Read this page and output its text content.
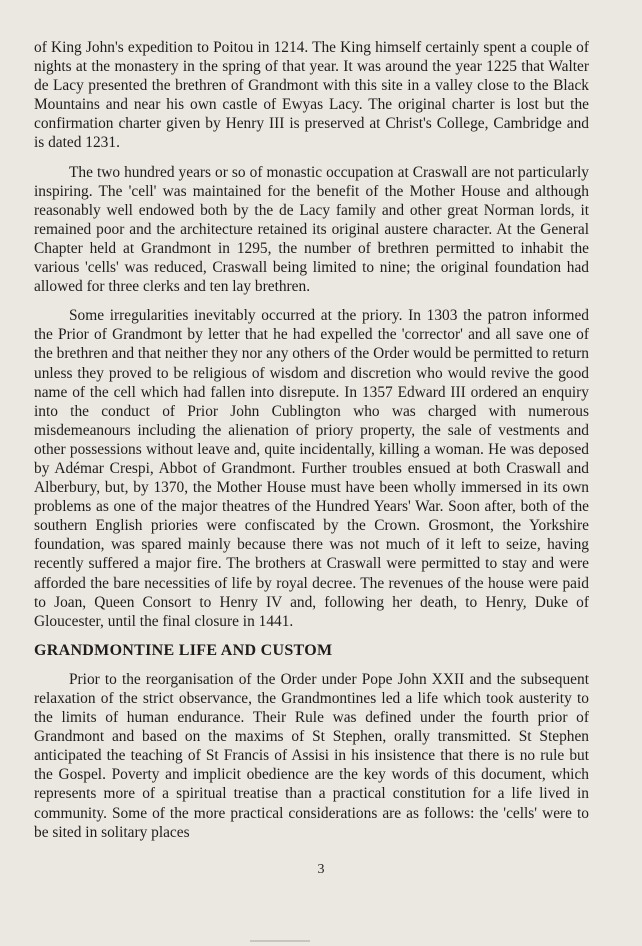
of King John's expedition to Poitou in 1214. The King himself certainly spent a couple of nights at the monastery in the spring of that year. It was around the year 1225 that Walter de Lacy presented the brethren of Grandmont with this site in a valley close to the Black Mountains and near his own castle of Ewyas Lacy. The original charter is lost but the confirmation charter given by Henry III is preserved at Christ's College, Cambridge and is dated 1231.

The two hundred years or so of monastic occupation at Craswall are not particularly inspiring. The 'cell' was maintained for the benefit of the Mother House and although reasonably well endowed both by the de Lacy family and other great Norman lords, it remained poor and the architecture retained its original austere character. At the General Chapter held at Grandmont in 1295, the number of brethren permitted to inhabit the various 'cells' was reduced, Craswall being limited to nine; the original foundation had allowed for three clerks and ten lay brethren.

Some irregularities inevitably occurred at the priory. In 1303 the patron informed the Prior of Grandmont by letter that he had expelled the 'corrector' and all save one of the brethren and that neither they nor any others of the Order would be permitted to return unless they proved to be religious of wisdom and discretion who would revive the good name of the cell which had fallen into disrepute. In 1357 Edward III ordered an enquiry into the conduct of Prior John Cublington who was charged with numerous misdemeanours including the alienation of priory property, the sale of vestments and other possessions without leave and, quite incidentally, killing a woman. He was deposed by Adémar Crespi, Abbot of Grandmont. Further troubles ensued at both Craswall and Alberbury, but, by 1370, the Mother House must have been wholly immersed in its own problems as one of the major theatres of the Hundred Years' War. Soon after, both of the southern English priories were confiscated by the Crown. Grosmont, the Yorkshire foundation, was spared mainly because there was not much of it left to seize, having recently suffered a major fire. The brothers at Craswall were permitted to stay and were afforded the bare necessities of life by royal decree. The revenues of the house were paid to Joan, Queen Consort to Henry IV and, following her death, to Henry, Duke of Gloucester, until the final closure in 1441.

GRANDMONTINE LIFE AND CUSTOM

Prior to the reorganisation of the Order under Pope John XXII and the subsequent relaxation of the strict observance, the Grandmontines led a life which took austerity to the limits of human endurance. Their Rule was defined under the fourth prior of Grandmont and based on the maxims of St Stephen, orally transmitted. St Stephen anticipated the teaching of St Francis of Assisi in his insistence that there is no rule but the Gospel. Poverty and implicit obedience are the key words of this document, which represents more of a spiritual treatise than a practical constitution for a life lived in community. Some of the more practical considerations are as follows: the 'cells' were to be sited in solitary places

3
